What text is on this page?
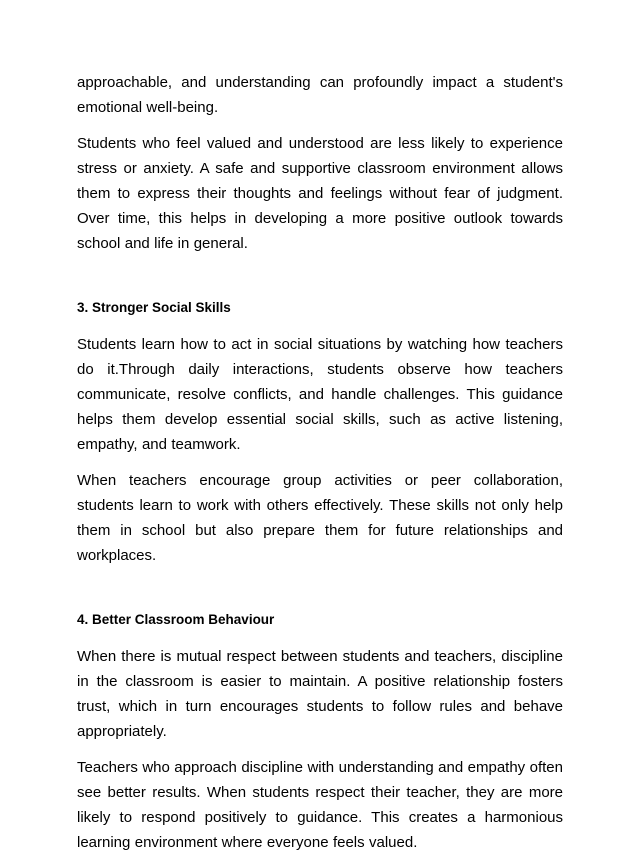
approachable, and understanding can profoundly impact a student's emotional well-being.

Students who feel valued and understood are less likely to experience stress or anxiety. A safe and supportive classroom environment allows them to express their thoughts and feelings without fear of judgment. Over time, this helps in developing a more positive outlook towards school and life in general.

3. Stronger Social Skills

Students learn how to act in social situations by watching how teachers do it.Through daily interactions, students observe how teachers communicate, resolve conflicts, and handle challenges. This guidance helps them develop essential social skills, such as active listening, empathy, and teamwork.

When teachers encourage group activities or peer collaboration, students learn to work with others effectively. These skills not only help them in school but also prepare them for future relationships and workplaces.

4. Better Classroom Behaviour

When there is mutual respect between students and teachers, discipline in the classroom is easier to maintain. A positive relationship fosters trust, which in turn encourages students to follow rules and behave appropriately.

Teachers who approach discipline with understanding and empathy often see better results. When students respect their teacher, they are more likely to respond positively to guidance. This creates a harmonious learning environment where everyone feels valued.
